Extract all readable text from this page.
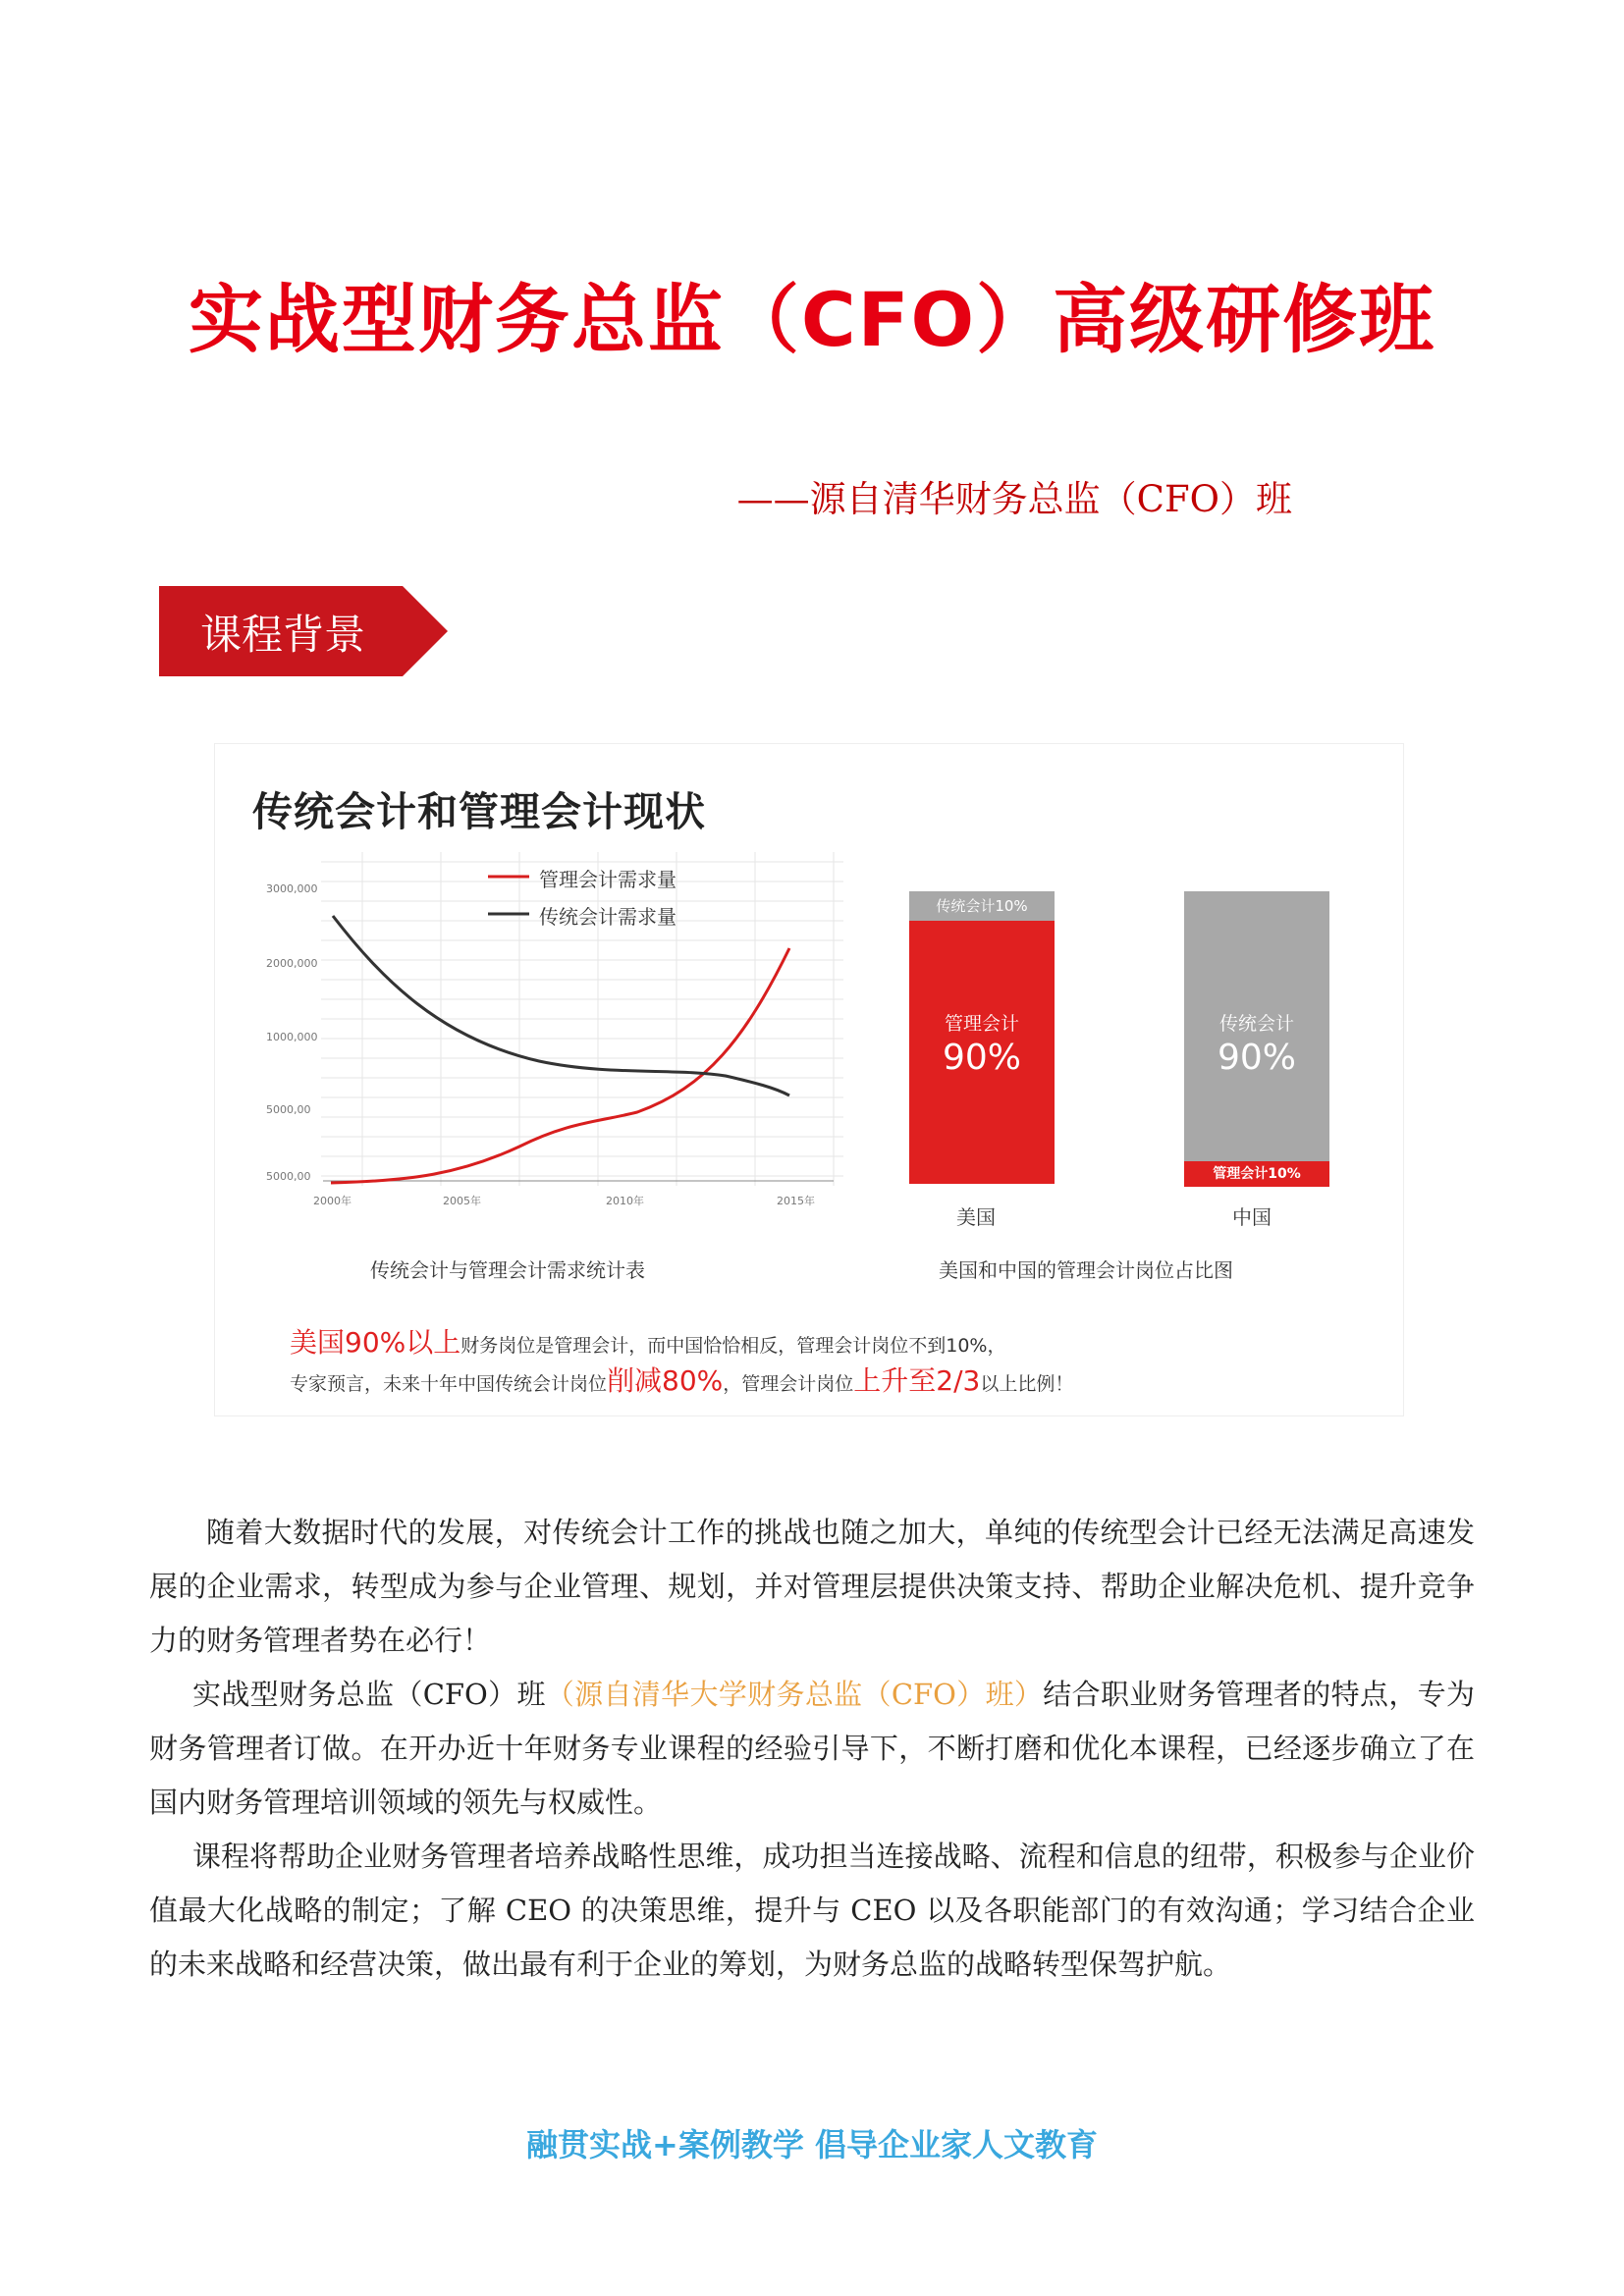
实战型财务总监（CFO）高级研修班
——源自清华财务总监（CFO）班
课程背景
传统会计和管理会计现状
3000,000
2000,000
1000,000
5000,00
5000,00
管理会计需求量
传统会计需求量
2000年	2005年	2010年	2015年
传统会计与管理会计需求统计表
传统会计10%
管理会计
90%
美国
传统会计
90%
管理会计10%
中国
美国和中国的管理会计岗位占比图
美国90%以上财务岗位是管理会计，而中国恰恰相反，管理会计岗位不到10%，
专家预言，未来十年中国传统会计岗位削减80%，管理会计岗位上升至2/3以上比例！
随着大数据时代的发展，对传统会计工作的挑战也随之加大，单纯的传统型会计已经无法满足高速发展的企业需求，转型成为参与企业管理、规划，并对管理层提供决策支持、帮助企业解决危机、提升竞争力的财务管理者势在必行！
实战型财务总监（CFO）班（源自清华大学财务总监（CFO）班）结合职业财务管理者的特点，专为财务管理者订做。在开办近十年财务专业课程的经验引导下，不断打磨和优化本课程，已经逐步确立了在国内财务管理培训领域的领先与权威性。
课程将帮助企业财务管理者培养战略性思维，成功担当连接战略、流程和信息的纽带，积极参与企业价值最大化战略的制定；了解 CEO 的决策思维，提升与 CEO 以及各职能部门的有效沟通；学习结合企业的未来战略和经营决策，做出最有利于企业的筹划，为财务总监的战略转型保驾护航。
融贯实战+案例教学 倡导企业家人文教育
